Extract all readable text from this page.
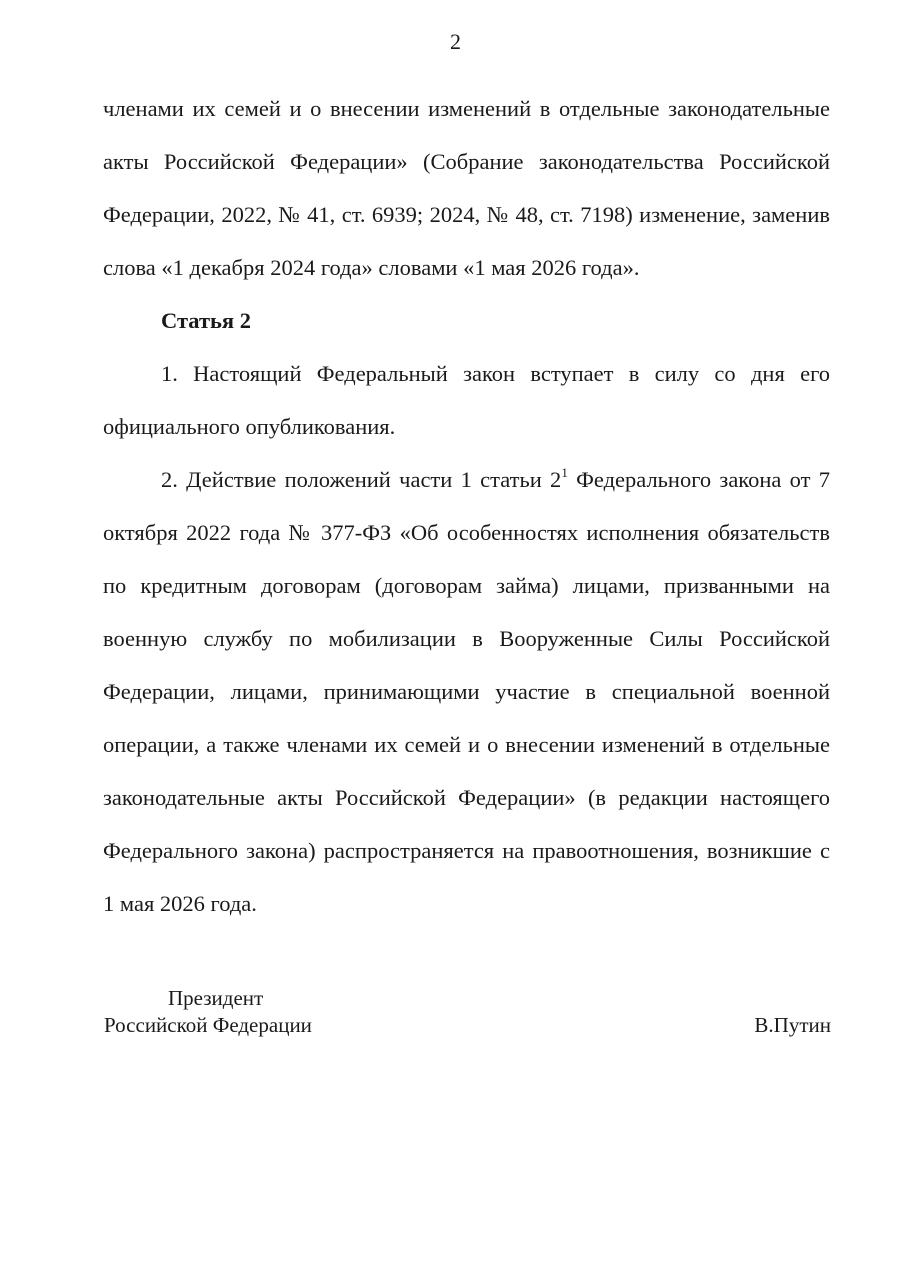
2

членами их семей и о внесении изменений в отдельные законодательные акты Российской Федерации» (Собрание законодательства Российской Федерации, 2022, № 41, ст. 6939; 2024, № 48, ст. 7198) изменение, заменив слова «1 декабря 2024 года» словами «1 мая 2026 года».

Статья 2

1. Настоящий Федеральный закон вступает в силу со дня его официального опубликования.

2. Действие положений части 1 статьи $2^1$ Федерального закона от 7 октября 2022 года № 377-ФЗ «Об особенностях исполнения обязательств по кредитным договорам (договорам займа) лицами, призванными на военную службу по мобилизации в Вооруженные Силы Российской Федерации, лицами, принимающими участие в специальной военной операции, а также членами их семей и о внесении изменений в отдельные законодательные акты Российской Федерации» (в редакции настоящего Федерального закона) распространяется на правоотношения, возникшие с 1 мая 2026 года.

Президент
Российской Федерации	В.Путин
